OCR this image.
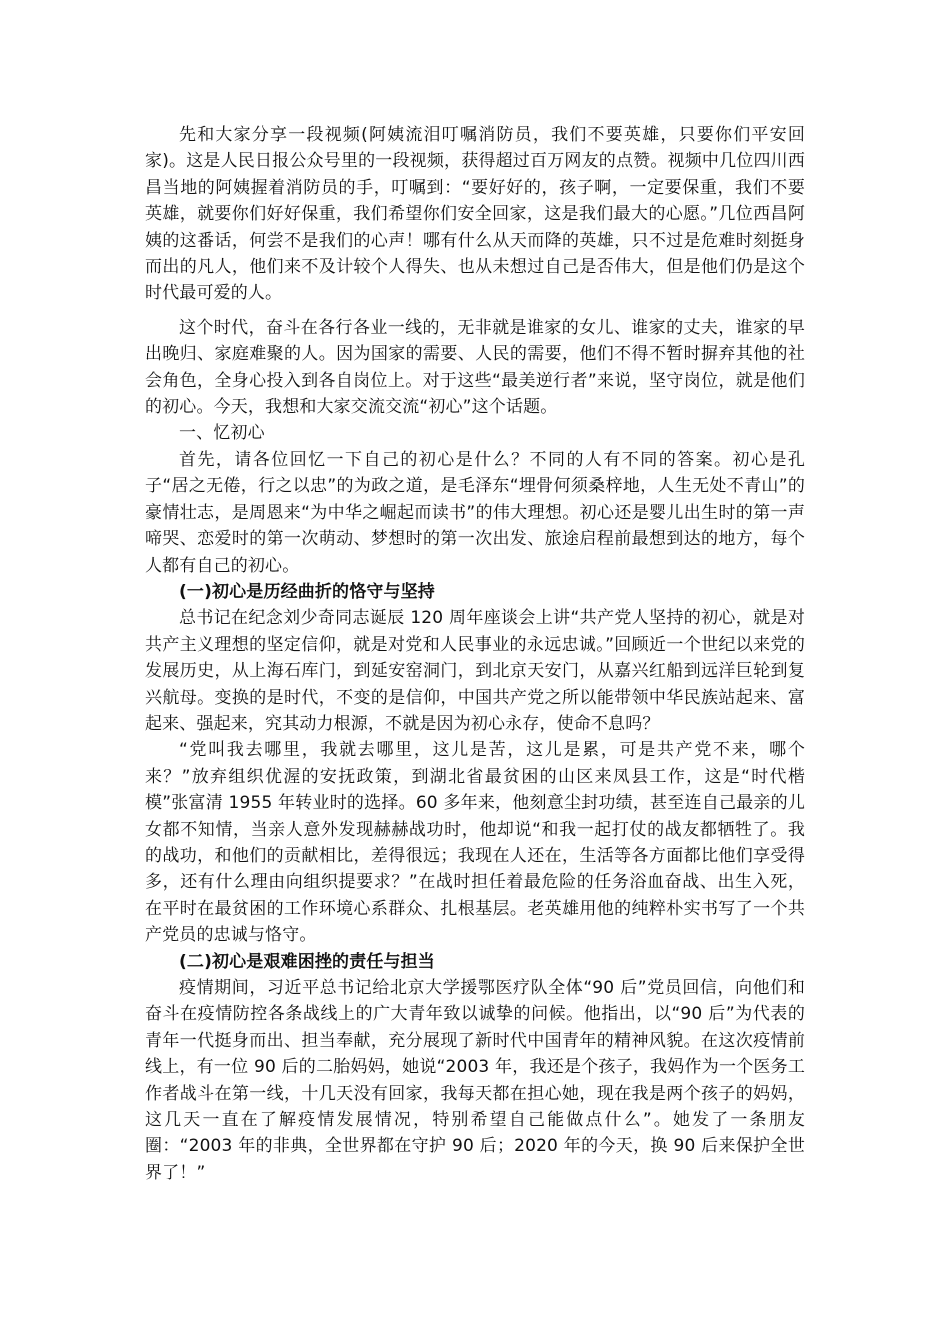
先和大家分享一段视频(阿姨流泪叮嘱消防员，我们不要英雄，只要你们平安回家)。这是人民日报公众号里的一段视频，获得超过百万网友的点赞。视频中几位四川西昌当地的阿姨握着消防员的手，叮嘱到：“要好好的，孩子啊，一定要保重，我们不要英雄，就要你们好好保重，我们希望你们安全回家，这是我们最大的心愿。”几位西昌阿姨的这番话，何尝不是我们的心声！哪有什么从天而降的英雄，只不过是危难时刻挺身而出的凡人，他们来不及计较个人得失、也从未想过自己是否伟大，但是他们仍是这个时代最可爱的人。

这个时代，奋斗在各行各业一线的，无非就是谁家的女儿、谁家的丈夫，谁家的早出晚归、家庭难聚的人。因为国家的需要、人民的需要，他们不得不暂时摒弃其他的社会角色，全身心投入到各自岗位上。对于这些“最美逆行者”来说，坚守岗位，就是他们的初心。今天，我想和大家交流交流“初心”这个话题。

一、忆初心

首先，请各位回忆一下自己的初心是什么？不同的人有不同的答案。初心是孔子“居之无倦，行之以忠”的为政之道，是毛泽东“埋骨何须桑梓地，人生无处不青山”的豪情壮志，是周恩来“为中华之崛起而读书”的伟大理想。初心还是婴儿出生时的第一声啼哭、恋爱时的第一次萌动、梦想时的第一次出发、旅途启程前最想到达的地方，每个人都有自己的初心。

(一)初心是历经曲折的恪守与坚持

总书记在纪念刘少奇同志诞辰 120 周年座谈会上讲“共产党人坚持的初心，就是对共产主义理想的坚定信仰，就是对党和人民事业的永远忠诚。”回顾近一个世纪以来党的发展历史，从上海石库门，到延安窑洞门，到北京天安门，从嘉兴红船到远洋巨轮到复兴航母。变换的是时代，不变的是信仰，中国共产党之所以能带领中华民族站起来、富起来、强起来，究其动力根源，不就是因为初心永存，使命不息吗？

“党叫我去哪里，我就去哪里，这儿是苦，这儿是累，可是共产党不来，哪个来？”放弃组织优渥的安抚政策，到湖北省最贫困的山区来凤县工作，这是“时代楷模”张富清 1955 年转业时的选择。60 多年来，他刻意尘封功绩，甚至连自己最亲的儿女都不知情，当亲人意外发现赫赫战功时，他却说“和我一起打仗的战友都牺牲了。我的战功，和他们的贡献相比，差得很远；我现在人还在，生活等各方面都比他们享受得多，还有什么理由向组织提要求？”在战时担任着最危险的任务浴血奋战、出生入死，在平时在最贫困的工作环境心系群众、扎根基层。老英雄用他的纯粹朴实书写了一个共产党员的忠诚与恪守。

(二)初心是艰难困挫的责任与担当

疫情期间，习近平总书记给北京大学援鄂医疗队全体“90 后”党员回信，向他们和奋斗在疫情防控各条战线上的广大青年致以诚挚的问候。他指出，以“90 后”为代表的青年一代挺身而出、担当奉献，充分展现了新时代中国青年的精神风貌。在这次疫情前线上，有一位 90 后的二胎妈妈，她说“2003 年，我还是个孩子，我妈作为一个医务工作者战斗在第一线，十几天没有回家，我每天都在担心她，现在我是两个孩子的妈妈，这几天一直在了解疫情发展情况，特别希望自己能做点什么”。她发了一条朋友圈：“2003 年的非典，全世界都在守护 90 后；2020 年的今天，换 90 后来保护全世界了！”
